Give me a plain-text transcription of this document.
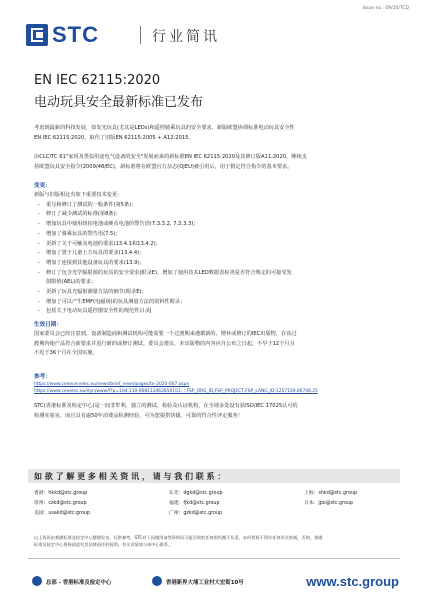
Issue no.: 09/20/TCD
STC	行业简讯
EN IEC 62115:2020
电动玩具安全最新标准已发布
考虑到最新的科技发展，如发光玩具(尤其是LEDs)和遥控骑乘玩具的安全要求，新版欧盟协调标准电动玩具安全性
EN IEC 62115:2020，取代了旧版EN 62115:2005 + A12:2015。
由CLC/TC 61"家用及类似用途电气设备的安全"发展而来的新标准EN IEC 62115:2020及其修订版A11:2020，继续支
持欧盟玩具安全指令(2009/48/EC)，新标准将在欧盟官方杂志(OJEU)被引用后，用于假定符合指令的基本要求。
变更：
新版与旧版相比有如下重要技术变更：
- 重写和修订了测试的一般条件(第5条)；
- 修订了减少测试的标准(第8条)；
- 增加玩具中使用纽扣电池或硬币电池的警告语(7.3.3.2, 7.3.3.3)；
- 增加了骑乘玩具的警告语(7.5)；
- 更新了关于可触及电池的要求(13.4.1和13.4.2)；
- 增加了置于儿童上方玩具的要求(13.4.4)；
- 增加了连接到其他设备玩具的要求(13.9)；
- 修订了包含光学辐射源的玩具的安全要求(附录E)，增加了使用技术LED数据表检查是否符合规定的可接受发
射限值(AEL)的要求；
- 更新了玩具光辐射测量方法的细节(附录E)；
- 增加了可以产生EMF(电磁场)的玩具测量方法的资料性附录；
- 包括关于电动玩具遥控器安全性的规范性目录J
生效日期：
国家委员会已经注意到，设备制造商和测试机构可能需要一个过渡期来遵循新的、增补或修订的IEC出版物，在该过
渡期内使产品符合新要求并进行新的或修订测试。委员会建议，本出版物的内容应自公布之日起，不早于12个月且
不迟于36个月在全国实施。
参考：
https://www.cenecenelec.eu/news/brief_news/pages/tn-2020-007.aspx
https://www.cenelec.eu/dyn/www/f?p=104:110:668113462850101::::FSP_ORG_ID,FSP_PROJECT,FSP_LANG_ID:1257159,66748,25
STC(香港标准及检定中心)是一间非牟利、独立的测试、检验及认证机构，在全球多处设有获ISO/IEC 17025认可的
检测实验室，而且具有逾50年消费品检测经验，可为您提供快捷、可靠的符合性评定服务！
如 欲 了 解 更 多 相 关 资 讯 ， 请 与 我 们 联 系 ：
香港：hkkd@stc.group	东莞：dgkd@stc.group	上海：shkd@stc.group
常州：czkd@stc.group	福建：fjkd@stc.group	日本：jpo@stc.group
美国：usakd@stc.group	广州：gzkd@stc.group
以上资讯由香港标准及检定中心整理发布，仅供参考。STC对于因使用该等资料而可能引致的任何损失概不负责，未经授权不得作任何形式转载，否则，香港
标准及检定中心将保留追究其法律责任的权利，有关详情请与本中心联系。
总部 - 香港标准及检定中心	香港新界大埔工业村大宏街10号	www.stc.group
